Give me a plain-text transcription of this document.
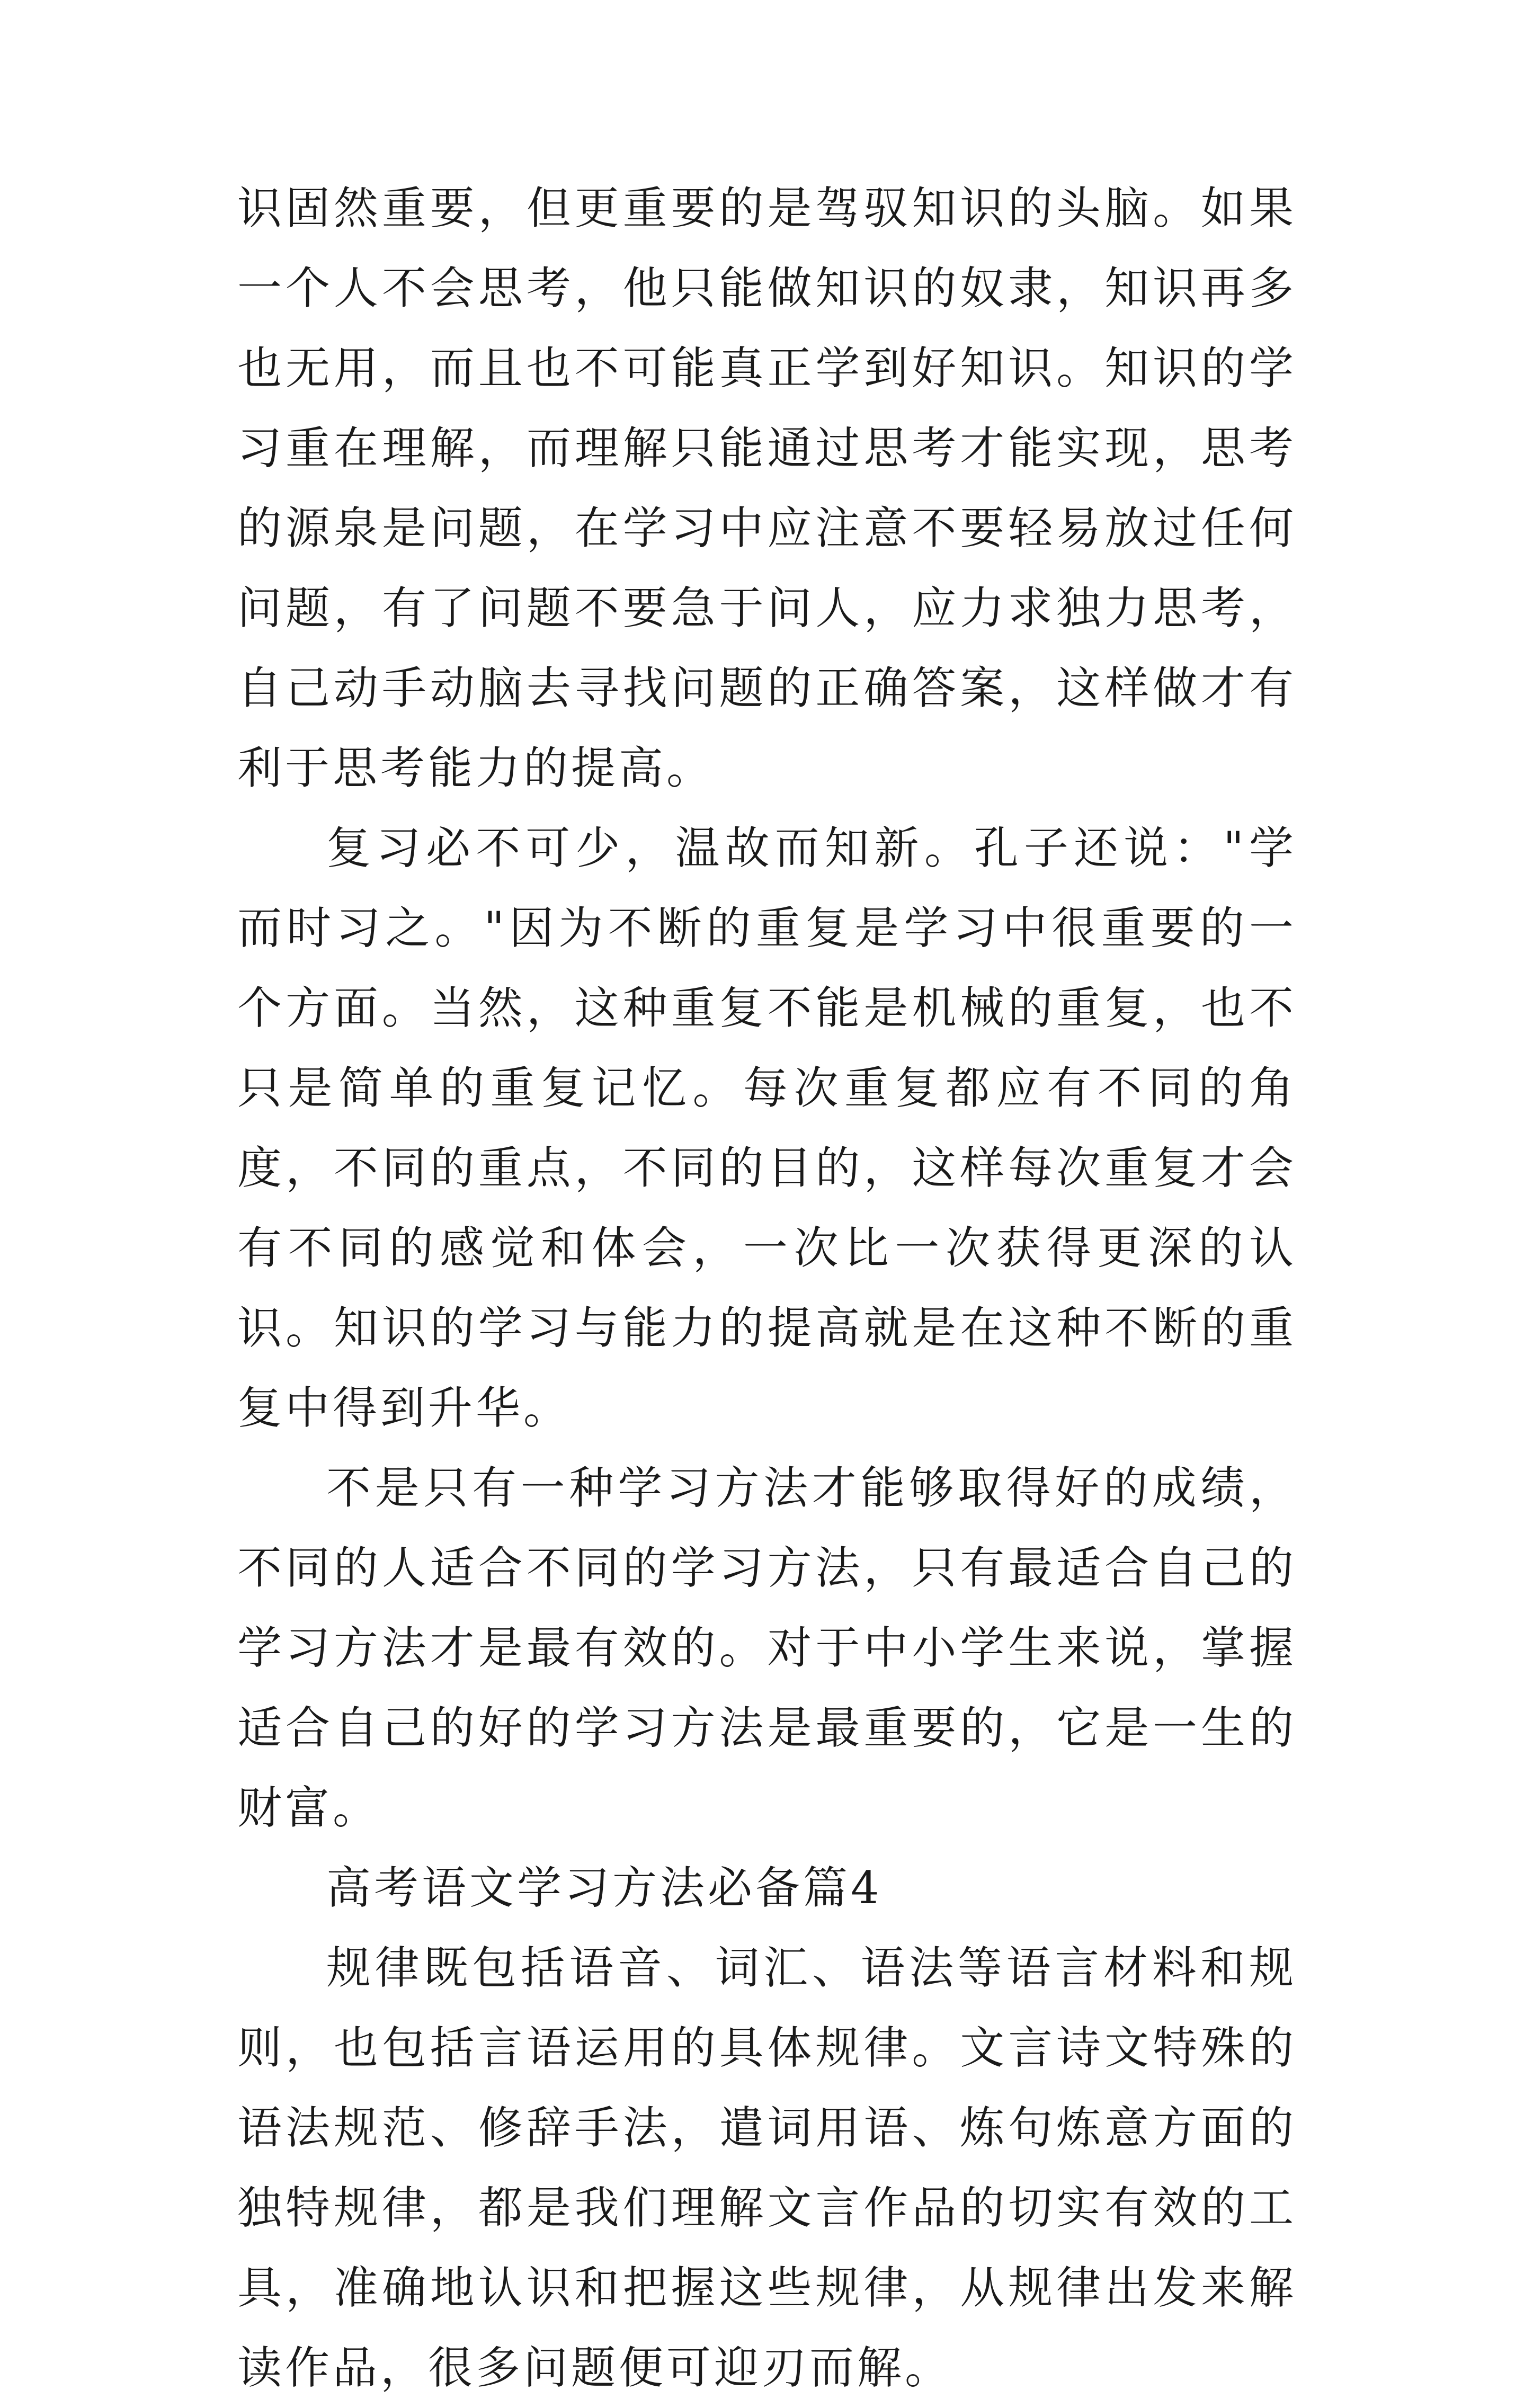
识固然重要，但更重要的是驾驭知识的头脑。如果一个人不会思考，他只能做知识的奴隶，知识再多也无用，而且也不可能真正学到好知识。知识的学习重在理解，而理解只能通过思考才能实现，思考的源泉是问题，在学习中应注意不要轻易放过任何问题，有了问题不要急于问人，应力求独力思考，自己动手动脑去寻找问题的正确答案，这样做才有利于思考能力的提高。

复习必不可少，温故而知新。孔子还说："学而时习之。"因为不断的重复是学习中很重要的一个方面。当然，这种重复不能是机械的重复，也不只是简单的重复记忆。每次重复都应有不同的角度，不同的重点，不同的目的，这样每次重复才会有不同的感觉和体会，一次比一次获得更深的认识。知识的学习与能力的提高就是在这种不断的重复中得到升华。

不是只有一种学习方法才能够取得好的成绩，不同的人适合不同的学习方法，只有最适合自己的学习方法才是最有效的。对于中小学生来说，掌握适合自己的好的学习方法是最重要的，它是一生的财富。

高考语文学习方法必备篇4

规律既包括语音、词汇、语法等语言材料和规则，也包括言语运用的具体规律。文言诗文特殊的语法规范、修辞手法，遣词用语、炼句炼意方面的独特规律，都是我们理解文言作品的切实有效的工具，准确地认识和把握这些规律，从规律出发来解读作品，很多问题便可迎刃而解。
